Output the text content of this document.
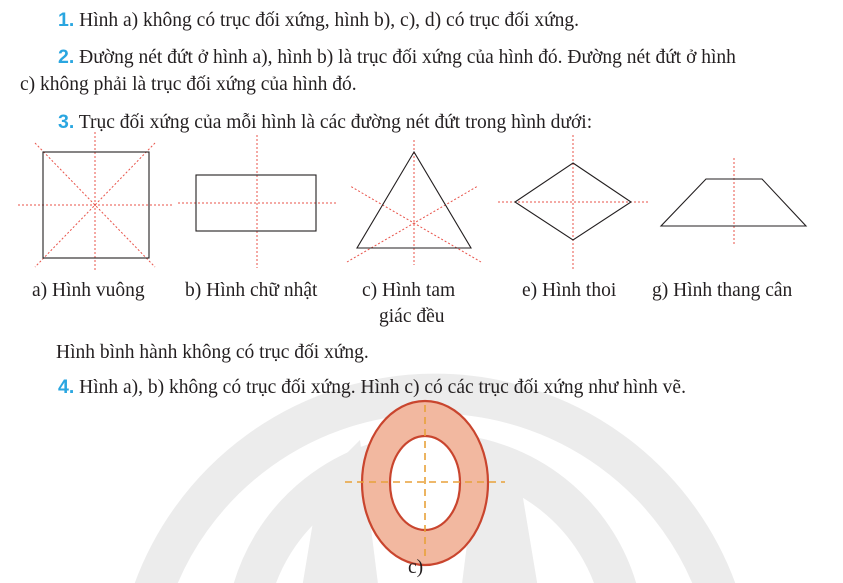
1. Hình a) không có trục đối xứng, hình b), c), d) có trục đối xứng.
2. Đường nét đứt ở hình a), hình b) là trục đối xứng của hình đó. Đường nét đứt ở hình
c) không phải là trục đối xứng của hình đó.
3. Trục đối xứng của mỗi hình là các đường nét đứt trong hình dưới:
a) Hình vuông b) Hình chữ nhật c) Hình tam
giác đều
e) Hình thoi g) Hình thang cân
Hình bình hành không có trục đối xứng.
4. Hình a), b) không có trục đối xứng. Hình c) có các trục đối xứng như hình vẽ.
c)
